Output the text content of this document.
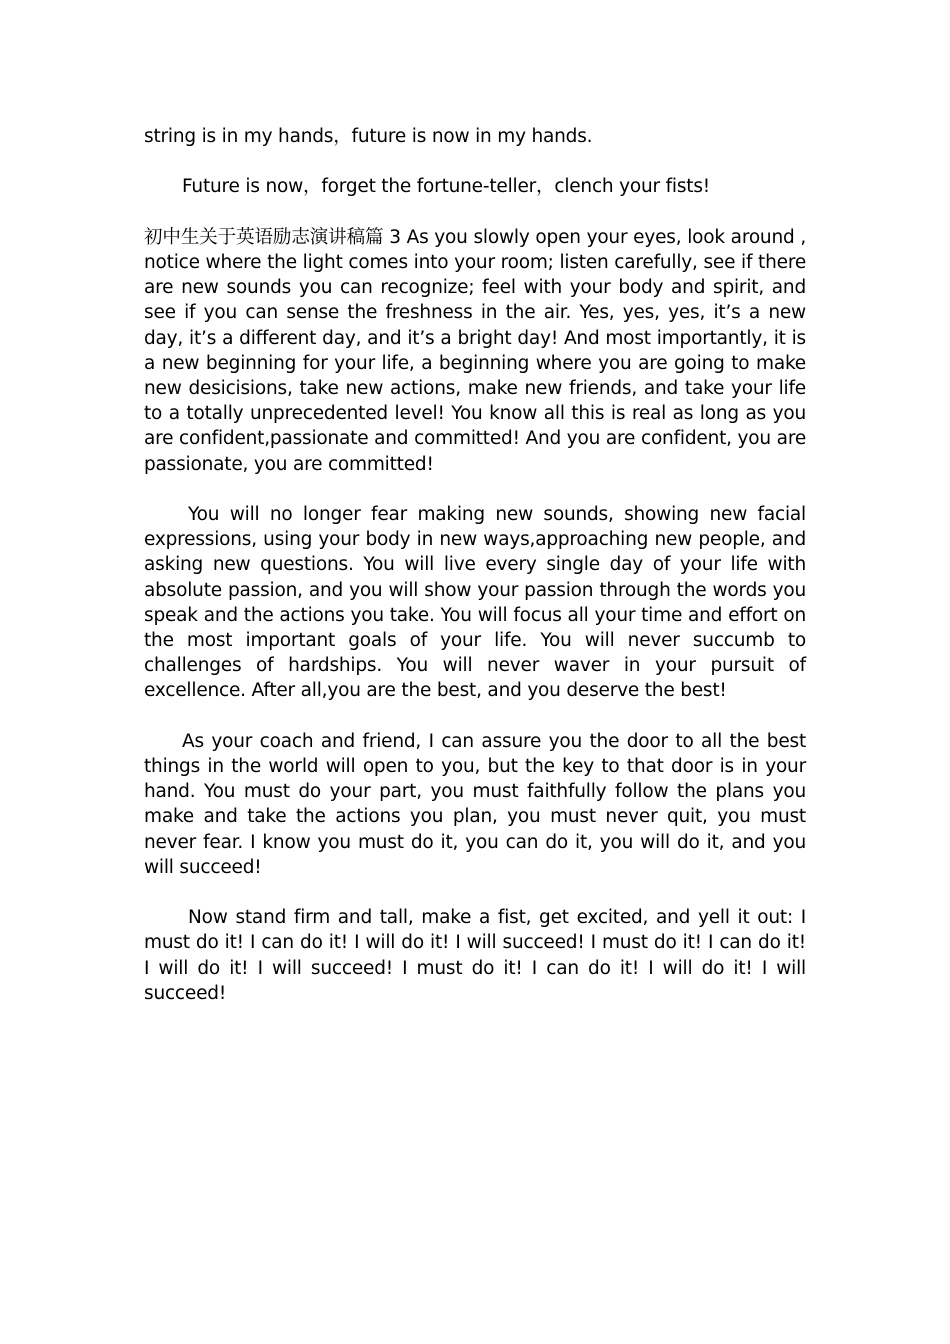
string is in my hands，future is now in my hands.

Future is now，forget the fortune-teller，clench your fists!

初中生关于英语励志演讲稿篇 3 As you slowly open your eyes, look around , notice where the light comes into your room; listen carefully, see if there are new sounds you can recognize; feel with your body and spirit, and see if you can sense the freshness in the air. Yes, yes, yes, it’s a new day, it’s a different day, and it’s a bright day! And most importantly, it is a new beginning for your life, a beginning where you are going to make new desicisions, take new actions, make new friends, and take your life to a totally unprecedented level! You know all this is real as long as you are confident,passionate and committed! And you are confident, you are passionate, you are committed!

You will no longer fear making new sounds, showing new facial expressions, using your body in new ways,approaching new people, and asking new questions. You will live every single day of your life with absolute passion, and you will show your passion through the words you speak and the actions you take. You will focus all your time and effort on the most important goals of your life. You will never succumb to challenges of hardships. You will never waver in your pursuit of excellence. After all,you are the best, and you deserve the best!

As your coach and friend, I can assure you the door to all the best things in the world will open to you, but the key to that door is in your hand. You must do your part, you must faithfully follow the plans you make and take the actions you plan, you must never quit, you must never fear. I know you must do it, you can do it, you will do it, and you will succeed!

Now stand firm and tall, make a fist, get excited, and yell it out: I must do it! I can do it! I will do it! I will succeed! I must do it! I can do it! I will do it! I will succeed! I must do it! I can do it! I will do it! I will succeed!
